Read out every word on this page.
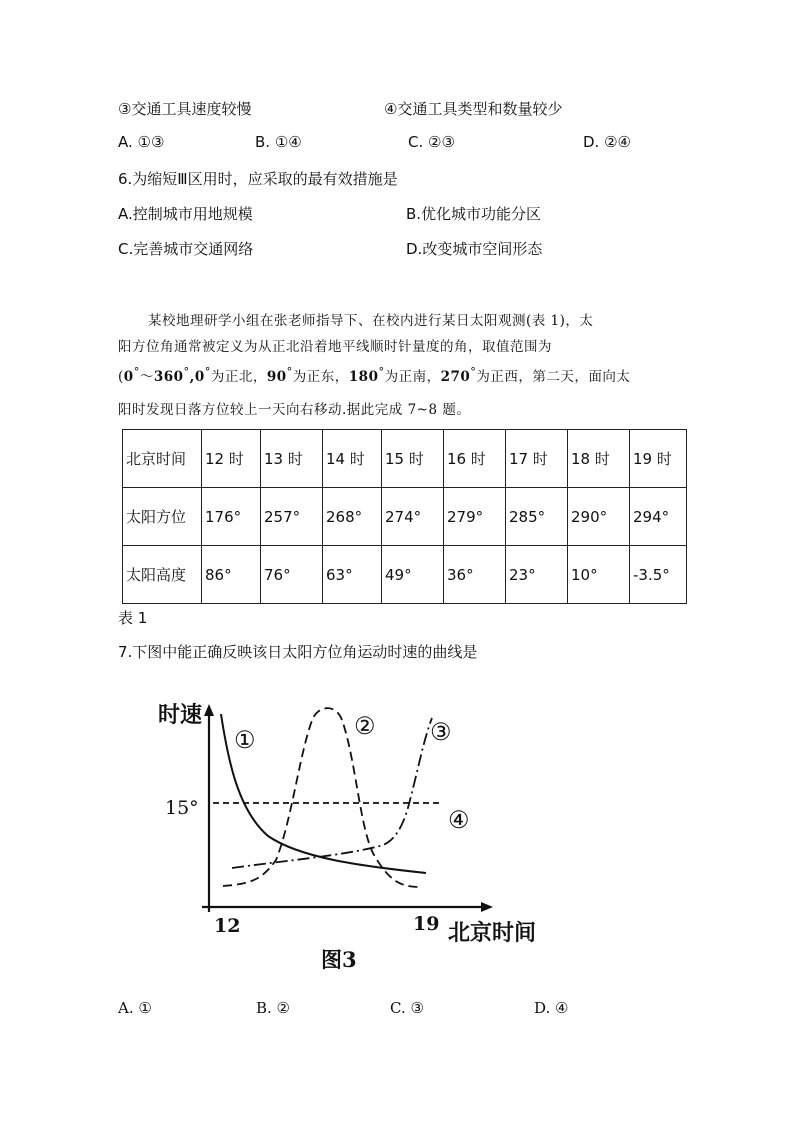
③交通工具速度较慢	④交通工具类型和数量较少
A. ①③	B. ①④	C. ②③	D. ②④
6.为缩短Ⅲ区用时，应采取的最有效措施是
A.控制城市用地规模	B.优化城市功能分区
C.完善城市交通网络	D.改变城市空间形态
某校地理研学小组在张老师指导下、在校内进行某日太阳观测(表 1)，太
阳方位角通常被定义为从正北沿着地平线顺时针量度的角，取值范围为
(0°～360°,0°为正北，90°为正东，180°为正南，270°为正西，第二天，面向太
阳时发现日落方位较上一天向右移动.据此完成 7~8 题。
北京时间	12 时	13 时	14 时	15 时	16 时	17 时	18 时	19 时
太阳方位	176°	257°	268°	274°	279°	285°	290°	294°
太阳高度	86°	76°	63°	49°	36°	23°	10°	-3.5°
表 1
7.下图中能正确反映该日太阳方位角运动时速的曲线是
时速
①	② ③
④
15°
12	19 北京时间
图3
A. ①	B. ②	C. ③	D. ④
